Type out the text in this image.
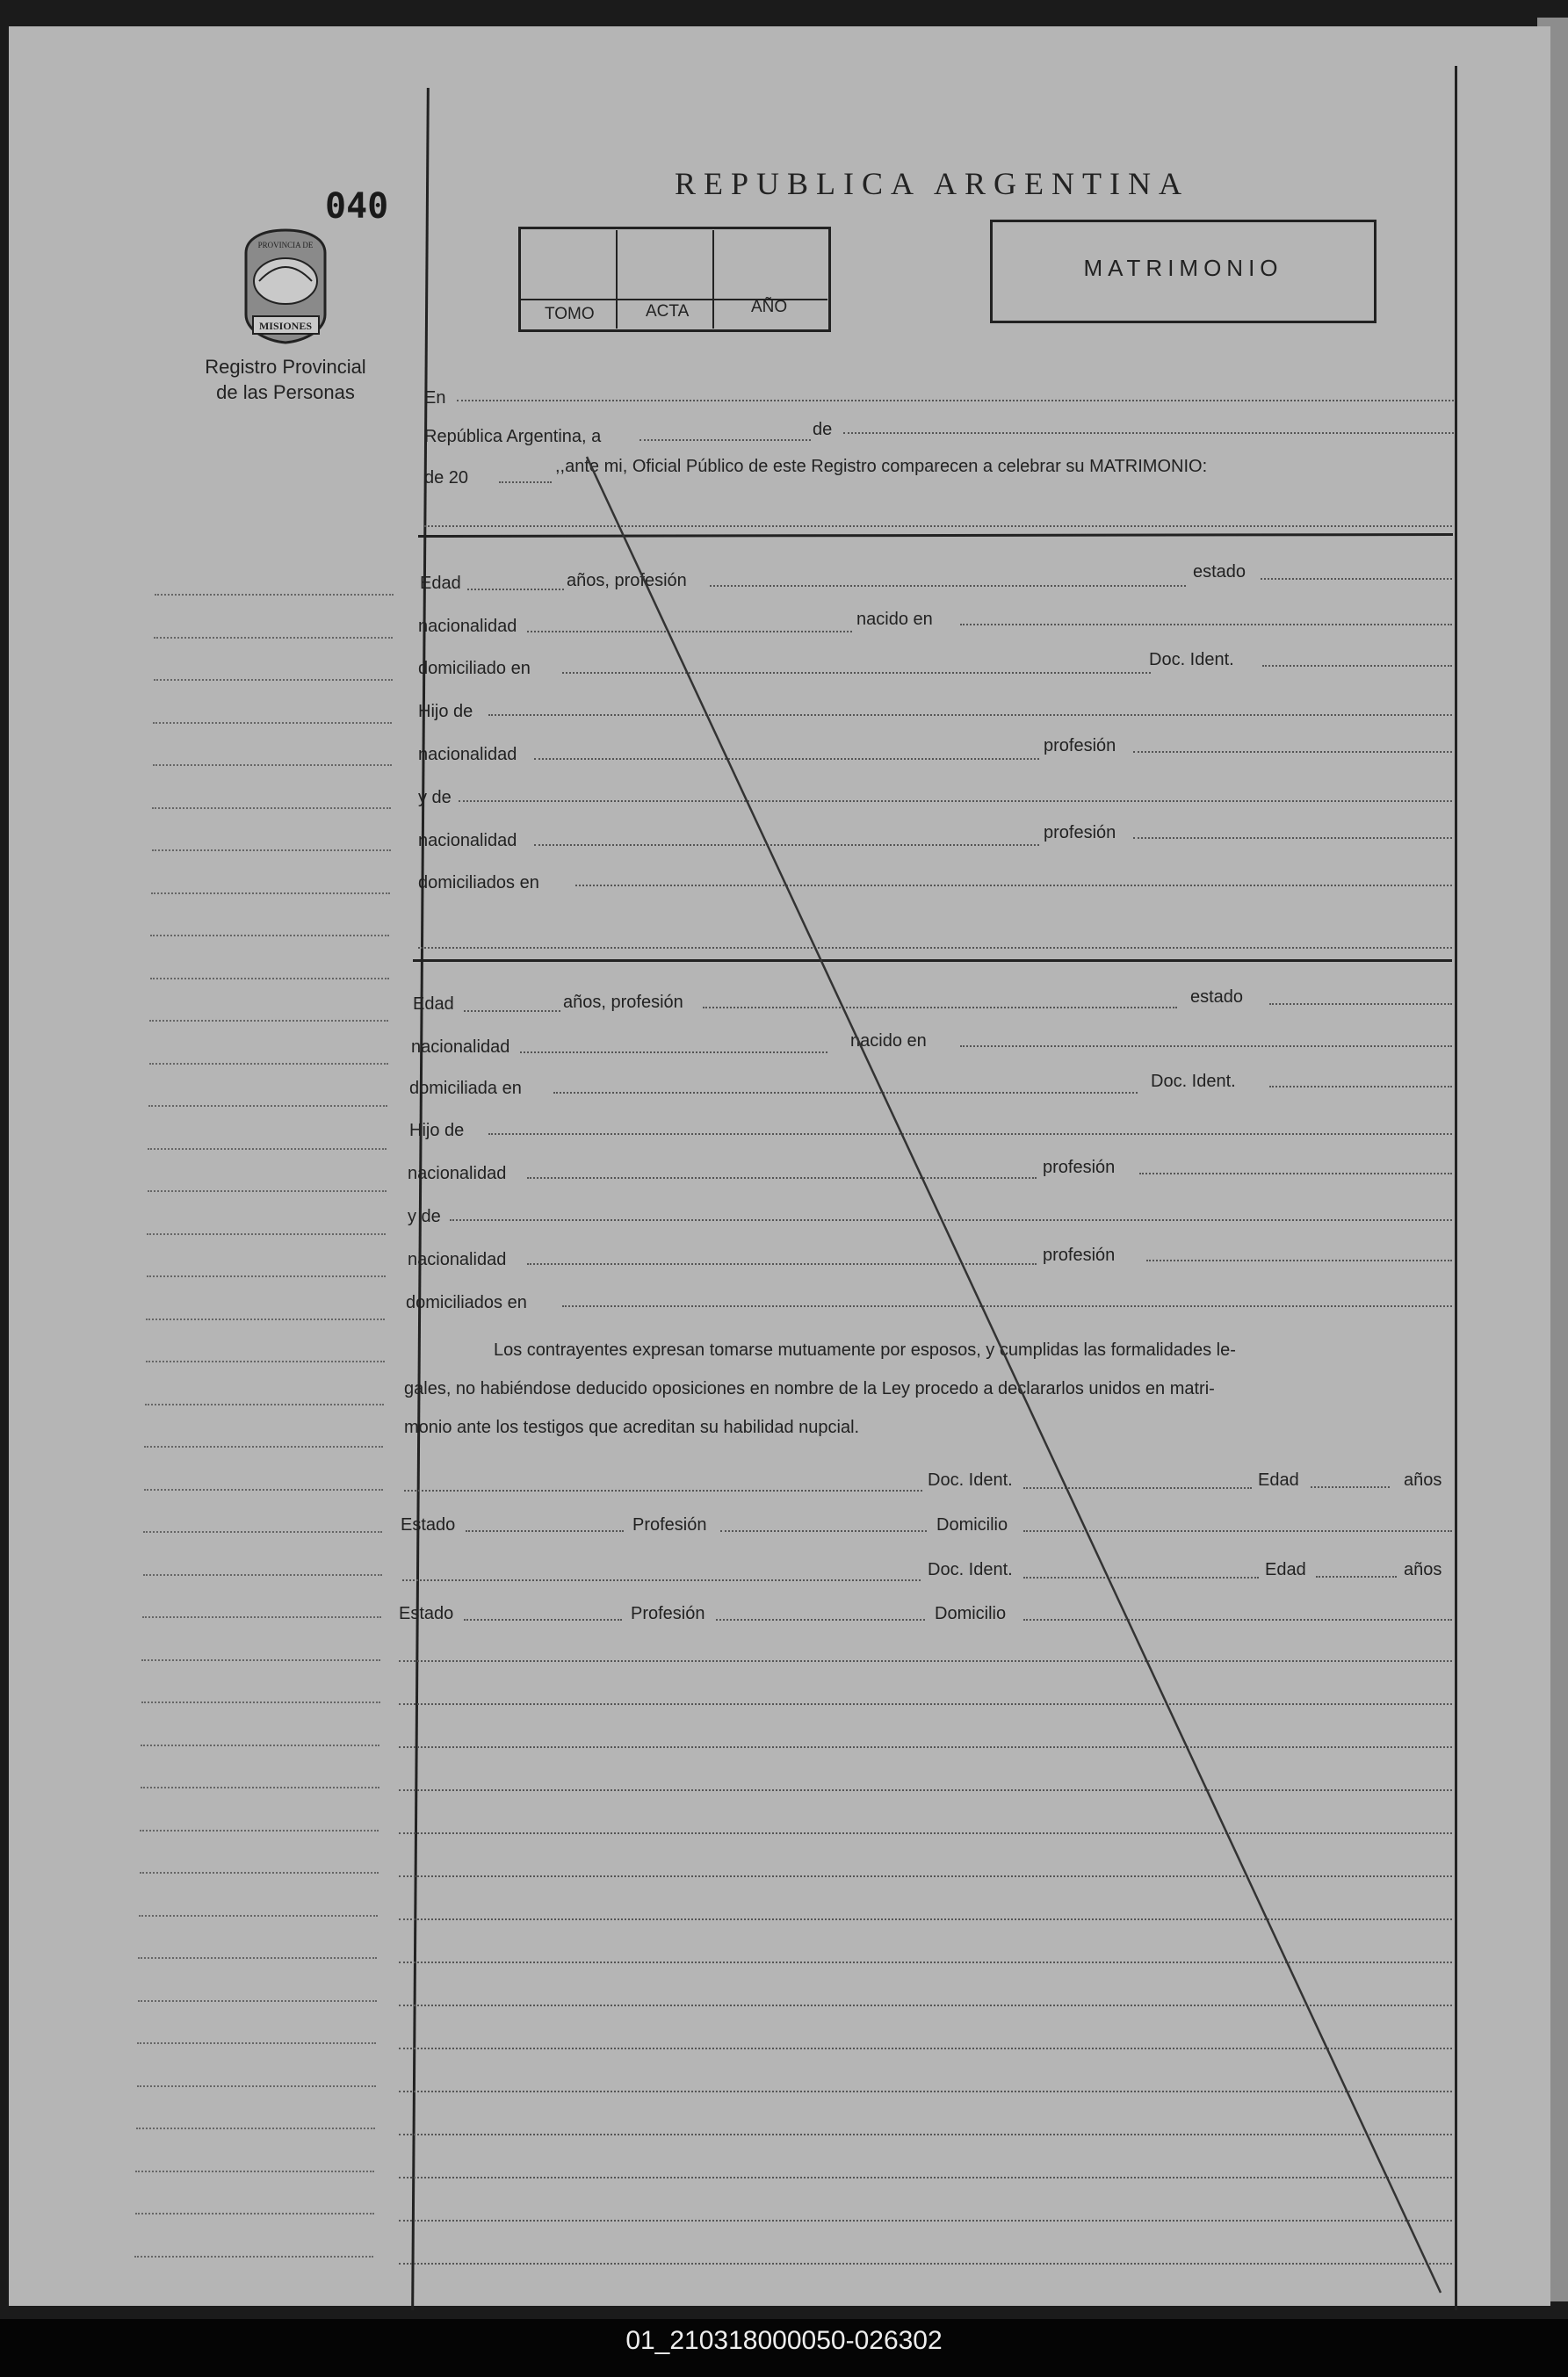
040
MISIONES
PROVINCIA DE
Registro Provincial
de las Personas
REPUBLICA ARGENTINA
TOMO	ACTA	AÑO
MATRIMONIO
En
República Argentina, a	de
de 20
,,ante mi, Oficial Público de este Registro comparecen a celebrar su MATRIMONIO:
Edad	años, profesión	estado
nacionalidad	nacido en
domiciliado en	Doc. Ident.
Hijo de
nacionalidad	profesión
y de
nacionalidad	profesión
domiciliados en
Edad	años, profesión	estado
nacionalidad	nacido en
domiciliada en	Doc. Ident.
Hijo de
nacionalidad	profesión
y de
nacionalidad	profesión
domiciliados en
Los contrayentes expresan tomarse mutuamente por esposos, y cumplidas las formalidades le-
gales, no habiéndose deducido oposiciones en nombre de la Ley procedo a declararlos unidos en matri-
monio ante los testigos que acreditan su habilidad nupcial.
Doc. Ident.	Edad	años
Estado	Profesión	Domicilio
Doc. Ident.	Edad	años
Estado	Profesión	Domicilio
01_210318000050-026302
